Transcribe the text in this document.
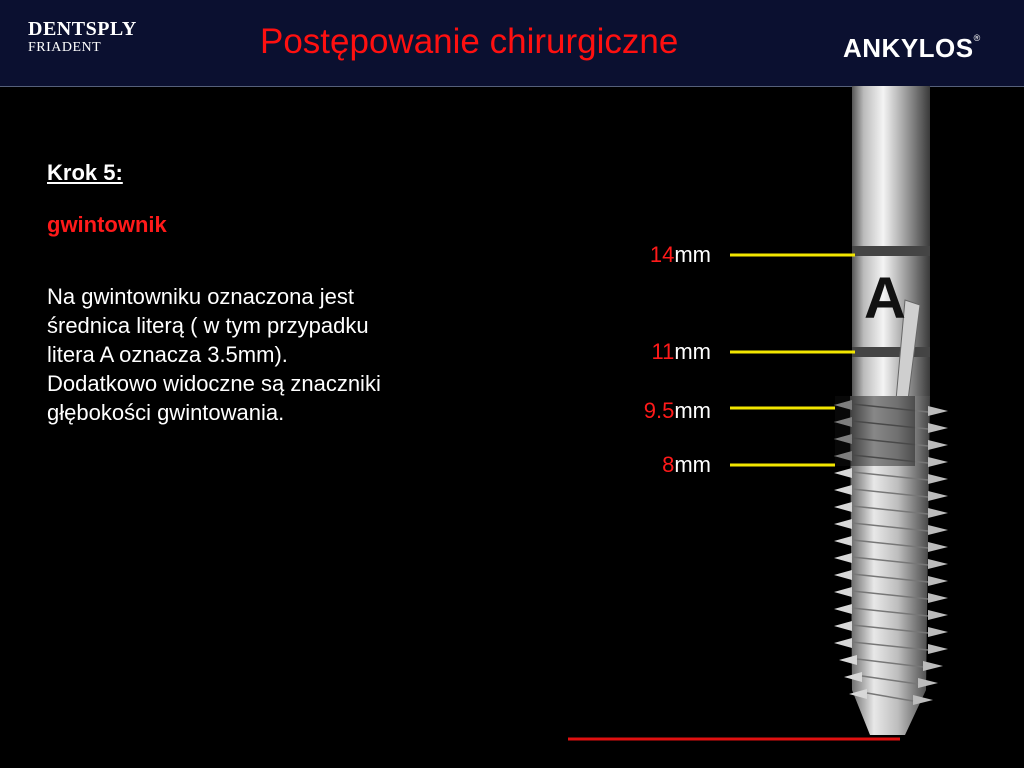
DENTSPLY
FRIADENT	Postępowanie chirurgiczne	ANKYLOS®
Krok 5:
gwintownik
Na gwintowniku oznaczona jest
średnica literą ( w tym przypadku
litera A oznacza 3.5mm).
Dodatkowo widoczne są znaczniki
głębokości gwintowania.
A
14mm
11mm
9.5mm
8mm
